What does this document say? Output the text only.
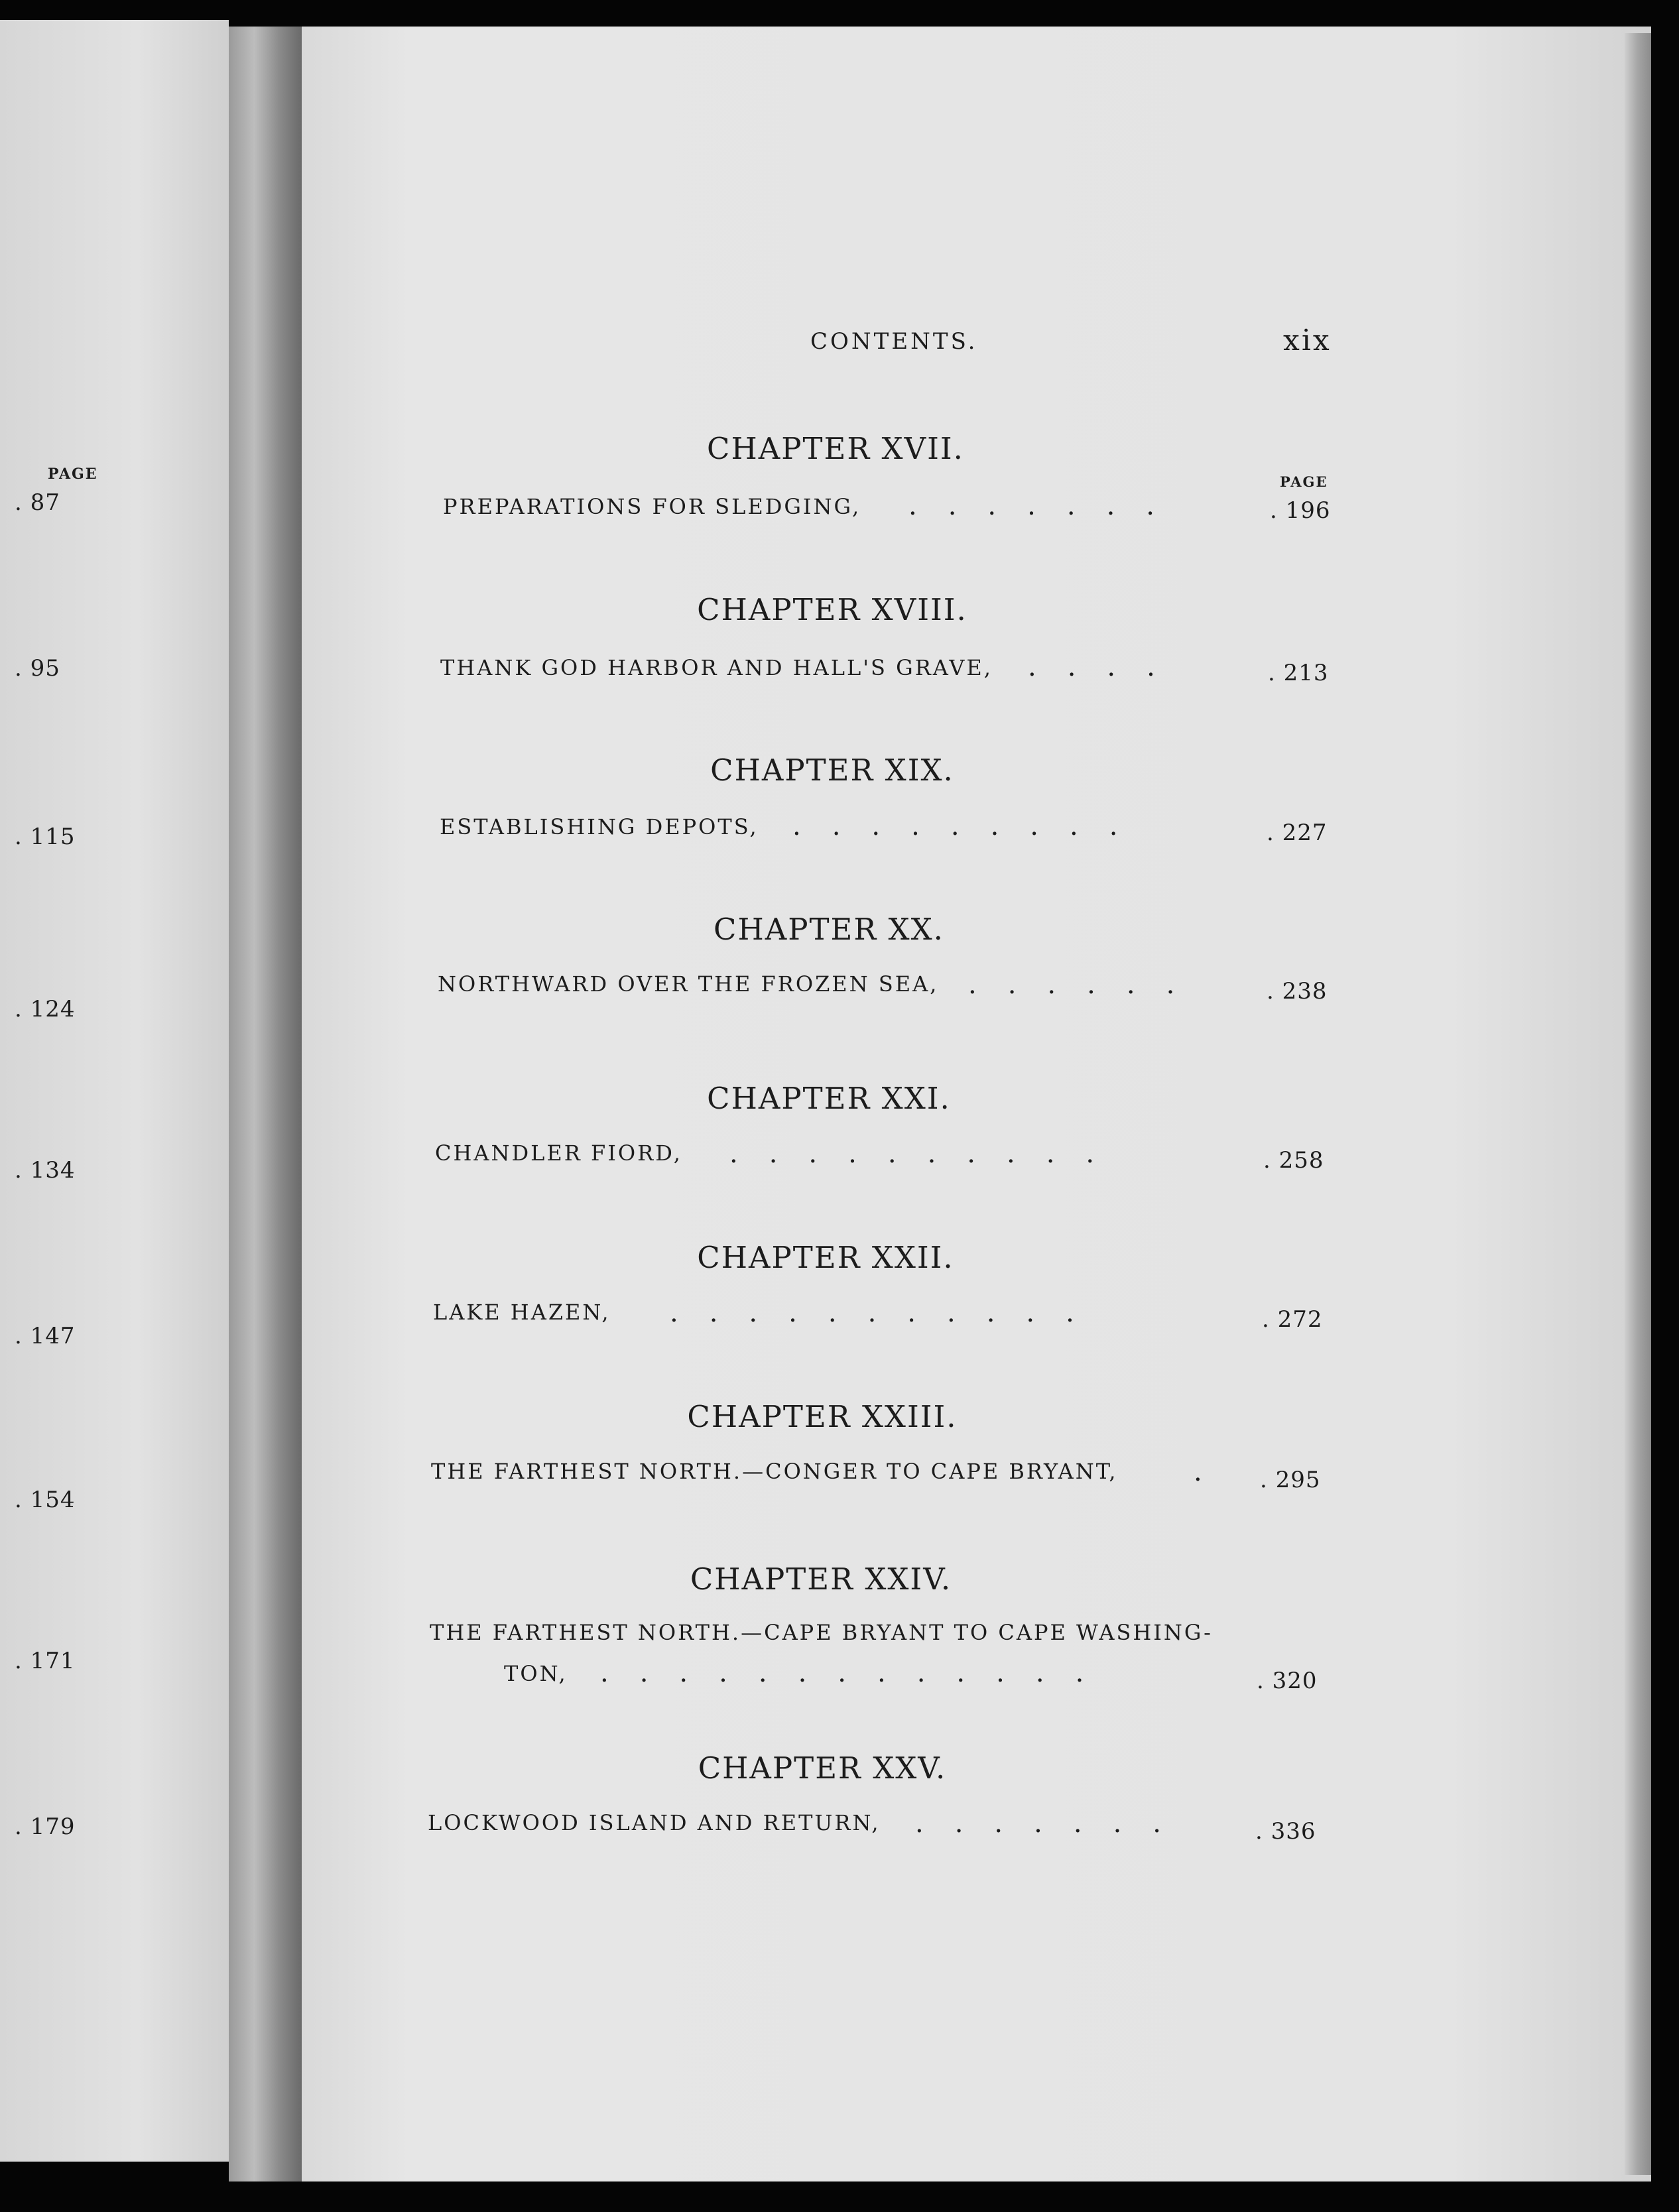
PAGE
. 87
. 95
. 115
. 124
. 134
. 147
. 154
. 171
. 179
CONTENTS.	xix
PAGE
CHAPTER XVII.
PREPARATIONS FOR SLEDGING, .......	. 196
CHAPTER XVIII.
THANK GOD HARBOR AND HALL'S GRAVE, ....	. 213
CHAPTER XIX.
ESTABLISHING DEPOTS, .........	. 227
CHAPTER XX.
NORTHWARD OVER THE FROZEN SEA, ......	. 238
CHAPTER XXI.
CHANDLER FIORD, ..........	. 258
CHAPTER XXII.
LAKE HAZEN, ...........	. 272
CHAPTER XXIII.
THE FARTHEST NORTH.—CONGER TO CAPE BRYANT,	. . 295
CHAPTER XXIV.
THE FARTHEST NORTH.—CAPE BRYANT TO CAPE WASHING-
TON, .............	. 320
CHAPTER XXV.
LOCKWOOD ISLAND AND RETURN, .......	. 336
